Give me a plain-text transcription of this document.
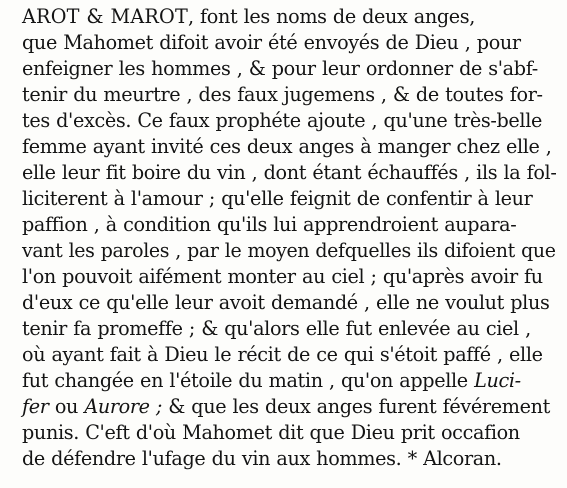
AROT & MAROT, font les noms de deux anges,
que Mahomet difoit avoir été envoyés de Dieu , pour
enfeigner les hommes , & pour leur ordonner de s'abf-
tenir du meurtre , des faux jugemens , & de toutes for-
tes d'excès. Ce faux prophéte ajoute , qu'une très-belle
femme ayant invité ces deux anges à manger chez elle ,
elle leur fit boire du vin , dont étant échauffés , ils la fol-
liciterent à l'amour ; qu'elle feignit de confentir à leur
paffion , à condition qu'ils lui apprendroient aupara-
vant les paroles , par le moyen defquelles ils difoient que
l'on pouvoit aifément monter au ciel ; qu'après avoir fu
d'eux ce qu'elle leur avoit demandé , elle ne voulut plus
tenir fa promeffe ; & qu'alors elle fut enlevée au ciel ,
où ayant fait à Dieu le récit de ce qui s'étoit paffé , elle
fut changée en l'étoile du matin , qu'on appelle Luci-
fer ou Aurore ; & que les deux anges furent févérement
punis. C'eft d'où Mahomet dit que Dieu prit occafion
de défendre l'ufage du vin aux hommes. * Alcoran.
